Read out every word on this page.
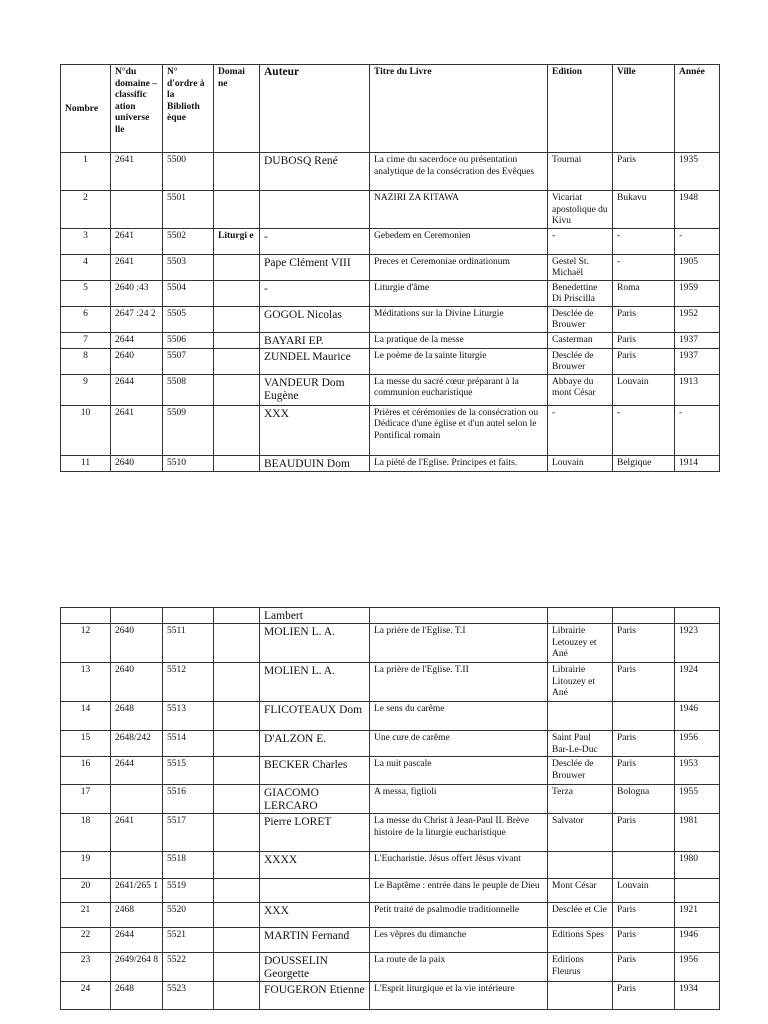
Nombre	N°du domaine – classific ation universe lle	N° d'ordre à la Biblioth èque	Domai ne	Auteur	Titre du Livre	Edition	Ville	Année
1	2641	5500		DUBOSQ René	La cime du sacerdoce ou présentation analytique de la consécration des Evêques	Tournai	Paris	1935
2		5501			NAZIRI ZA KITAWA	Vicariat apostolique du Kivu	Bukavu	1948
3	2641	5502	Liturgi e	-	Gebedem en Ceremonien	-	-	-
4	2641	5503		Pape Clément VIII	Preces et Ceremoniae ordinationum	Gestel St. Michaël	-	1905
5	2640 :43	5504		-	Liturgie d'âme	Benedettine Di Priscilla	Roma	1959
6	2647 :24 2	5505		GOGOL Nicolas	Méditations sur la Divine Liturgie	Desclée de Brouwer	Paris	1952
7	2644	5506		BAYARI EP.	La pratique de la messe	Casterman	Paris	1937
8	2640	5507		ZUNDEL Maurice	Le poème de la sainte liturgie	Desclée de Brouwer	Paris	1937
9	2644	5508		VANDEUR Dom Eugène	La messe du sacré cœur préparant à la communion eucharistique	Abbaye du mont César	Louvain	1913
10	2641	5509		XXX	Prières et cérémonies de la consécration ou Dédicace d'une église et d'un autel selon le Pontifical romain	-	-	-
11	2640	5510		BEAUDUIN Dom	La piété de l'Eglise. Principes et faits.	Louvain	Belgique	1914
				Lambert				
12	2640	5511		MOLIEN L. A.	La prière de l'Eglise. T.I	Librairie Letouzey et Ané	Paris	1923
13	2640	5512		MOLIEN L. A.	La prière de l'Eglise. T.II	Librairie Litouzey et Ané	Paris	1924
14	2648	5513		FLICOTEAUX Dom	Le sens du carême			1946
15	2648/242	5514		D'ALZON E.	Une cure de carême	Saint Paul Bar-Le-Duc	Paris	1956
16	2644	5515		BECKER Charles	La nuit pascale	Desclée de Brouwer	Paris	1953
17		5516		GIACOMO LERCARO	A messa, figlioli	Terza	Bologna	1955
18	2641	5517		Pierre LORET	La messe du Christ à Jean-Paul II. Brève histoire de la liturgie eucharistique	Salvator	Paris	1981
19		5518		XXXX	L'Eucharistie. Jésus offert Jésus vivant			1980
20	2641/265 1	5519			Le Baptême : entrée dans le peuple de Dieu	Mont César	Louvain	
21	2468	5520		XXX	Petit traité de psalmodie traditionnelle	Desclée et Cie	Paris	1921
22	2644	5521		MARTIN Fernand	Les vêpres du dimanche	Editions Spes	Paris	1946
23	2649/264 8	5522		DOUSSELIN Georgette	La route de la paix	Editions Fleurus	Paris	1956
24	2648	5523		FOUGERON Etienne	L'Esprit liturgique et la vie intérieure		Paris	1934
